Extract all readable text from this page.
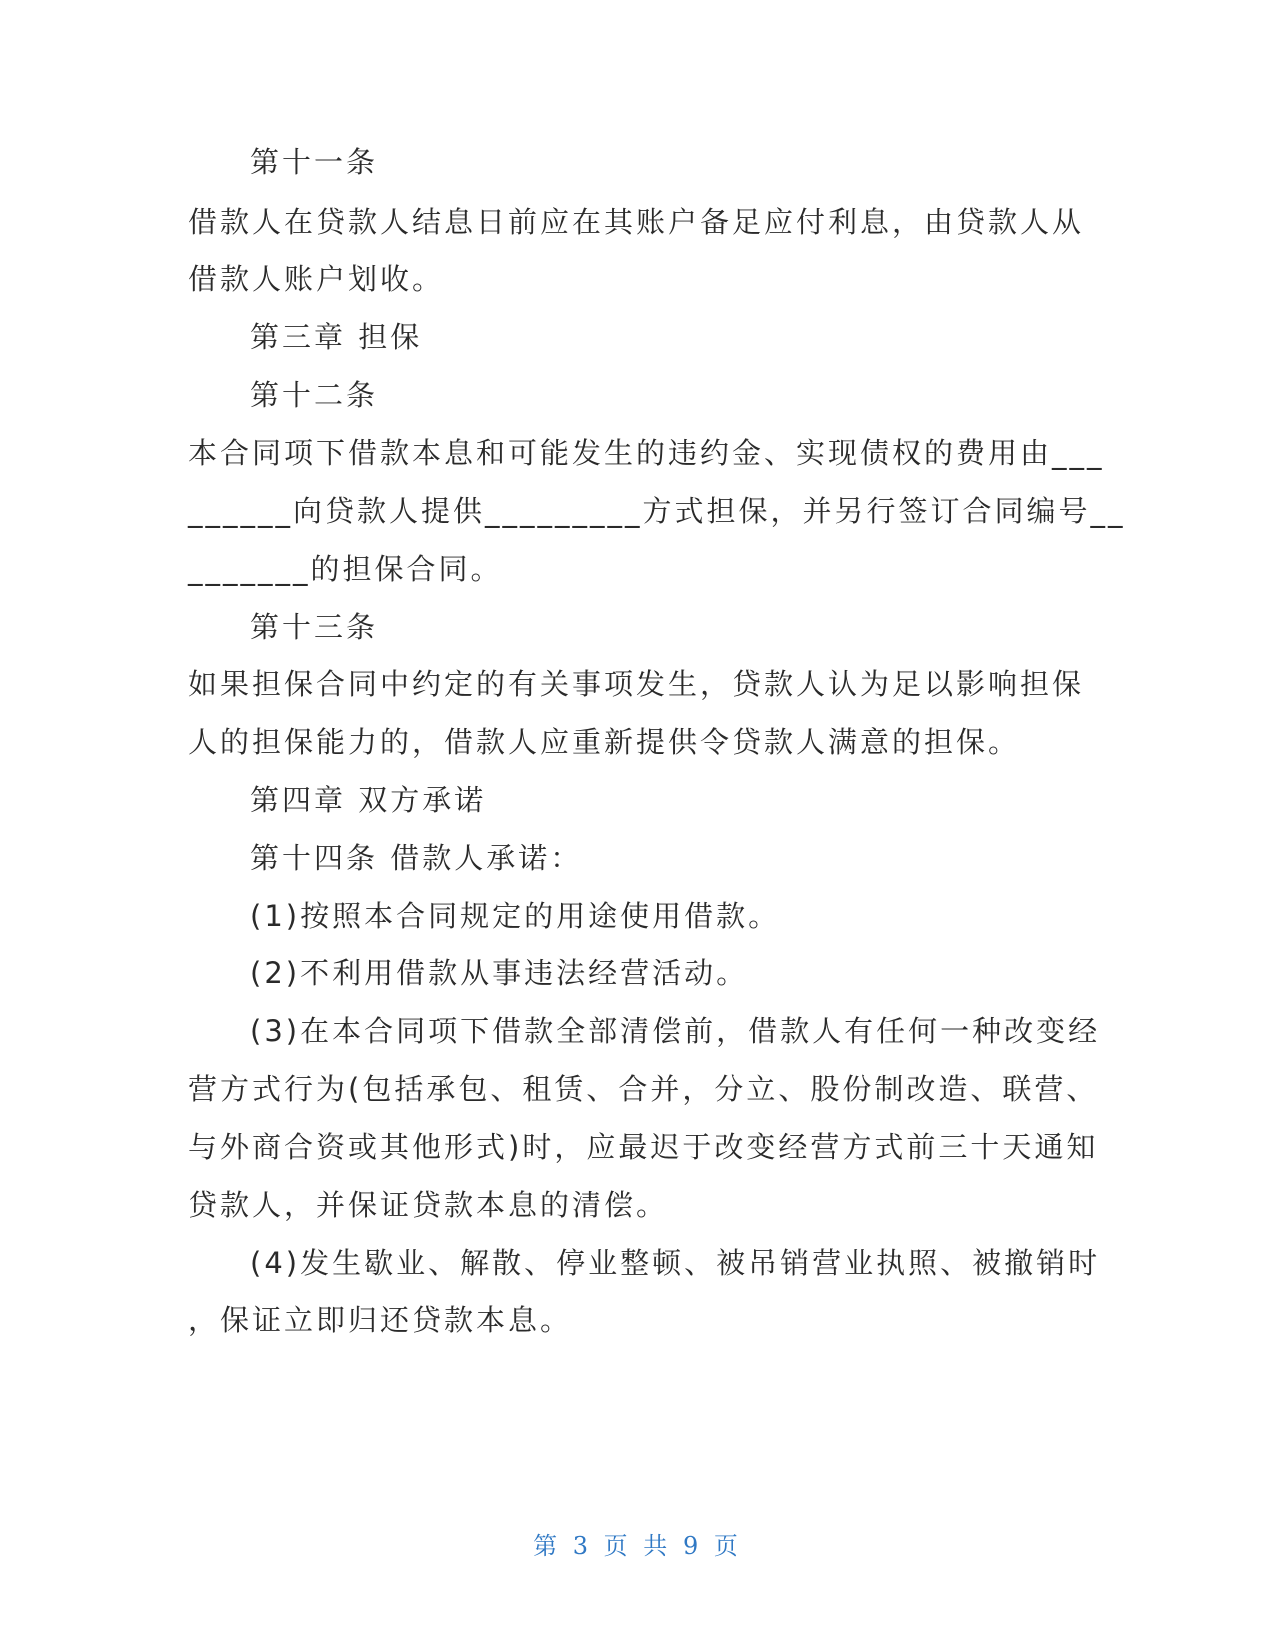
第十一条
借款人在贷款人结息日前应在其账户备足应付利息，由贷款人从
借款人账户划收。
第三章 担保
第十二条
本合同项下借款本息和可能发生的违约金、实现债权的费用由___
______向贷款人提供_________方式担保，并另行签订合同编号__
_______的担保合同。
第十三条
如果担保合同中约定的有关事项发生，贷款人认为足以影响担保
人的担保能力的，借款人应重新提供令贷款人满意的担保。
第四章 双方承诺
第十四条 借款人承诺：
(1)按照本合同规定的用途使用借款。
(2)不利用借款从事违法经营活动。
(3)在本合同项下借款全部清偿前，借款人有任何一种改变经
营方式行为(包括承包、租赁、合并，分立、股份制改造、联营、
与外商合资或其他形式)时，应最迟于改变经营方式前三十天通知
贷款人，并保证贷款本息的清偿。
(4)发生歇业、解散、停业整顿、被吊销营业执照、被撤销时
，保证立即归还贷款本息。
第 3 页 共 9 页
